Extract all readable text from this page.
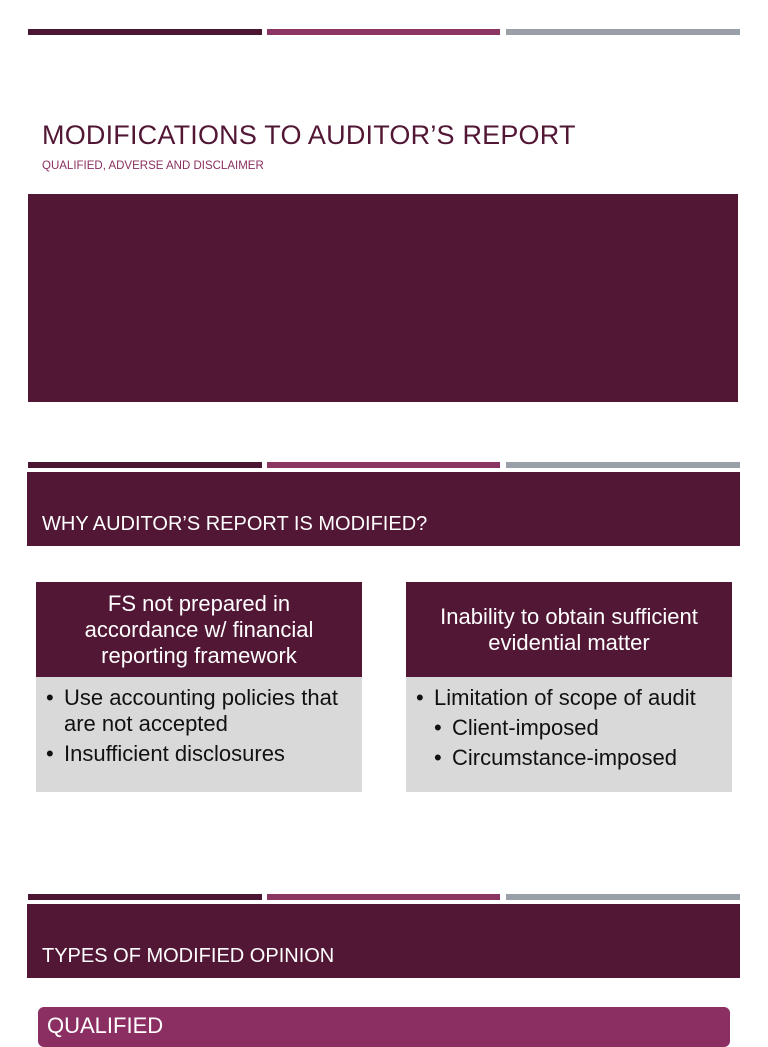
MODIFICATIONS TO AUDITOR’S REPORT
QUALIFIED, ADVERSE AND DISCLAIMER
WHY AUDITOR’S REPORT IS MODIFIED?
FS not prepared in accordance w/ financial reporting framework
• Use accounting policies that are not accepted
• Insufficient disclosures
Inability to obtain sufficient evidential matter
• Limitation of scope of audit
• Client-imposed
• Circumstance-imposed
TYPES OF MODIFIED OPINION
QUALIFIED
